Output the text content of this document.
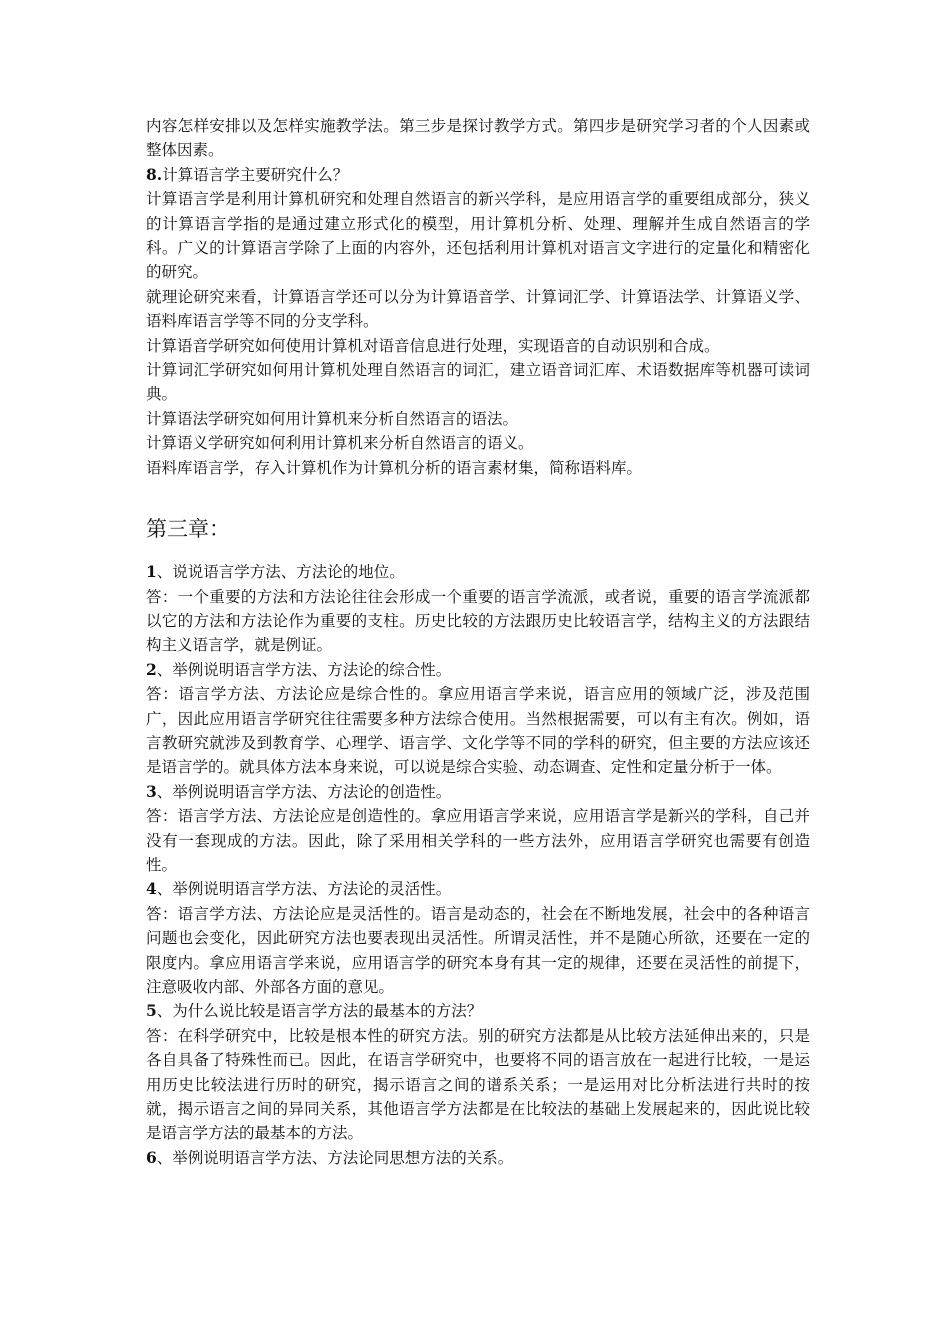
内容怎样安排以及怎样实施教学法。第三步是探讨教学方式。第四步是研究学习者的个人因素或整体因素。

8.计算语言学主要研究什么？

计算语言学是利用计算机研究和处理自然语言的新兴学科，是应用语言学的重要组成部分，狭义的计算语言学指的是通过建立形式化的模型，用计算机分析、处理、理解并生成自然语言的学科。广义的计算语言学除了上面的内容外，还包括利用计算机对语言文字进行的定量化和精密化的研究。

就理论研究来看，计算语言学还可以分为计算语音学、计算词汇学、计算语法学、计算语义学、语料库语言学等不同的分支学科。

计算语音学研究如何使用计算机对语音信息进行处理，实现语音的自动识别和合成。

计算词汇学研究如何用计算机处理自然语言的词汇，建立语音词汇库、术语数据库等机器可读词典。

计算语法学研究如何用计算机来分析自然语言的语法。

计算语义学研究如何利用计算机来分析自然语言的语义。

语料库语言学，存入计算机作为计算机分析的语言素材集，简称语料库。

第三章：

1、说说语言学方法、方法论的地位。

答：一个重要的方法和方法论往往会形成一个重要的语言学流派，或者说，重要的语言学流派都以它的方法和方法论作为重要的支柱。历史比较的方法跟历史比较语言学，结构主义的方法跟结构主义语言学，就是例证。

2、举例说明语言学方法、方法论的综合性。

答：语言学方法、方法论应是综合性的。拿应用语言学来说，语言应用的领域广泛，涉及范围广，因此应用语言学研究往往需要多种方法综合使用。当然根据需要，可以有主有次。例如，语言教研究就涉及到教育学、心理学、语言学、文化学等不同的学科的研究，但主要的方法应该还是语言学的。就具体方法本身来说，可以说是综合实验、动态调查、定性和定量分析于一体。

3、举例说明语言学方法、方法论的创造性。

答：语言学方法、方法论应是创造性的。拿应用语言学来说，应用语言学是新兴的学科，自己并没有一套现成的方法。因此，除了采用相关学科的一些方法外，应用语言学研究也需要有创造性。

4、举例说明语言学方法、方法论的灵活性。

答：语言学方法、方法论应是灵活性的。语言是动态的，社会在不断地发展，社会中的各种语言问题也会变化，因此研究方法也要表现出灵活性。所谓灵活性，并不是随心所欲，还要在一定的限度内。拿应用语言学来说，应用语言学的研究本身有其一定的规律，还要在灵活性的前提下，注意吸收内部、外部各方面的意见。

5、为什么说比较是语言学方法的最基本的方法？

答：在科学研究中，比较是根本性的研究方法。别的研究方法都是从比较方法延伸出来的，只是各自具备了特殊性而已。因此，在语言学研究中，也要将不同的语言放在一起进行比较，一是运用历史比较法进行历时的研究，揭示语言之间的谱系关系；一是运用对比分析法进行共时的按就，揭示语言之间的异同关系，其他语言学方法都是在比较法的基础上发展起来的，因此说比较是语言学方法的最基本的方法。

6、举例说明语言学方法、方法论同思想方法的关系。
